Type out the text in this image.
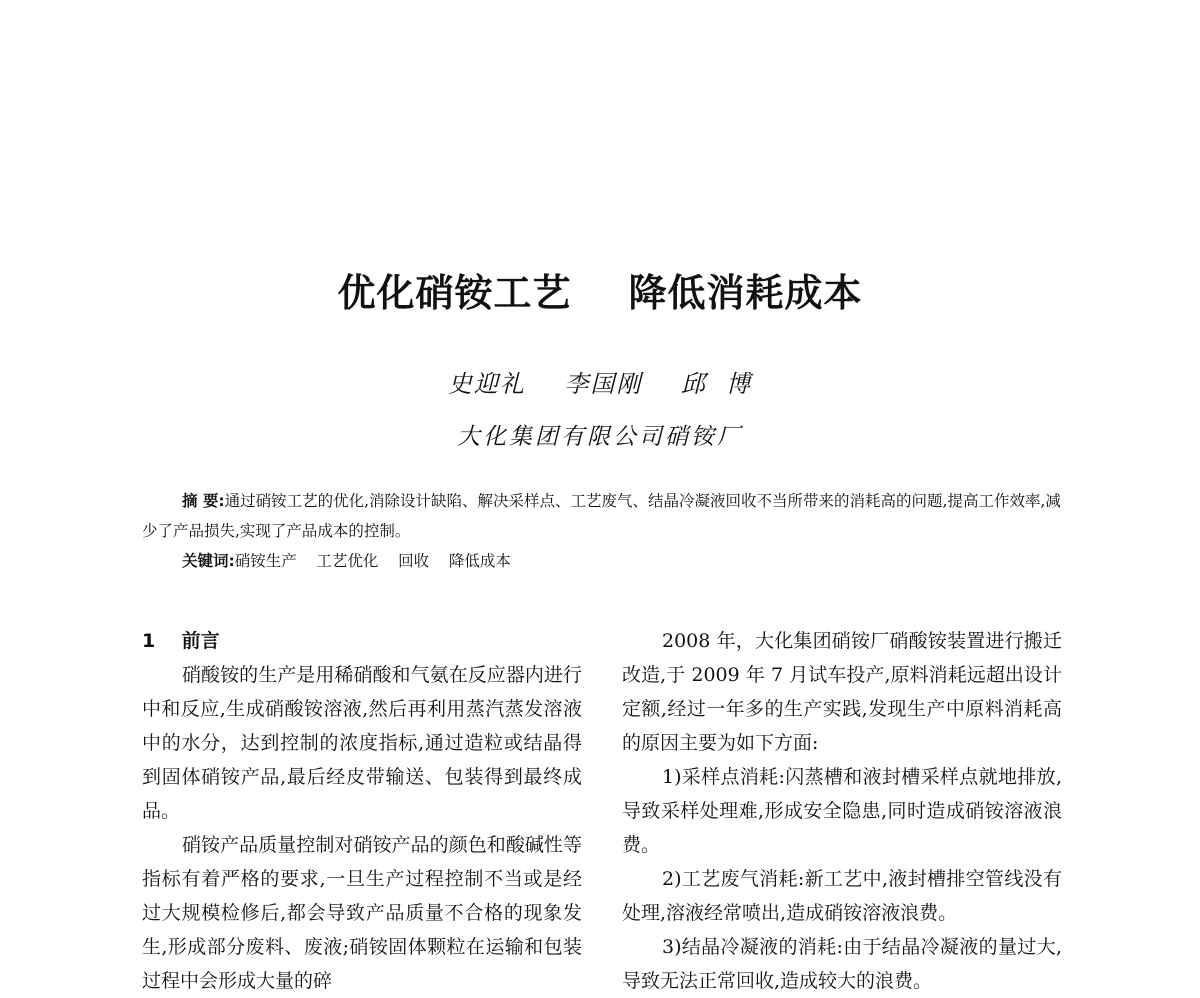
优化硝铵工艺    降低消耗成本
史迎礼    李国刚    邱  博
大化集团有限公司硝铵厂

摘 要:通过硝铵工艺的优化,消除设计缺陷、解决采样点、工艺废气、结晶冷凝液回收不当所带来的消耗高的问题,提高工作效率,减少了产品损失,实现了产品成本的控制。

关键词:硝铵生产    工艺优化    回收    降低成本

1    前言

硝酸铵的生产是用稀硝酸和气氨在反应器内进行中和反应,生成硝酸铵溶液,然后再利用蒸汽蒸发溶液中的水分，达到控制的浓度指标,通过造粒或结晶得到固体硝铵产品,最后经皮带输送、包装得到最终成品。

硝铵产品质量控制对硝铵产品的颜色和酸碱性等指标有着严格的要求,一旦生产过程控制不当或是经过大规模检修后,都会导致产品质量不合格的现象发生,形成部分废料、废液;硝铵固体颗粒在运输和包装过程中会形成大量的碎

2008 年，大化集团硝铵厂硝酸铵装置进行搬迁改造,于 2009 年 7 月试车投产,原料消耗远超出设计定额,经过一年多的生产实践,发现生产中原料消耗高的原因主要为如下方面:

1)采样点消耗:闪蒸槽和液封槽采样点就地排放,导致采样处理难,形成安全隐患,同时造成硝铵溶液浪费。

2)工艺废气消耗:新工艺中,液封槽排空管线没有处理,溶液经常喷出,造成硝铵溶液浪费。

3)结晶冷凝液的消耗:由于结晶冷凝液的量过大,导致无法正常回收,造成较大的浪费。
